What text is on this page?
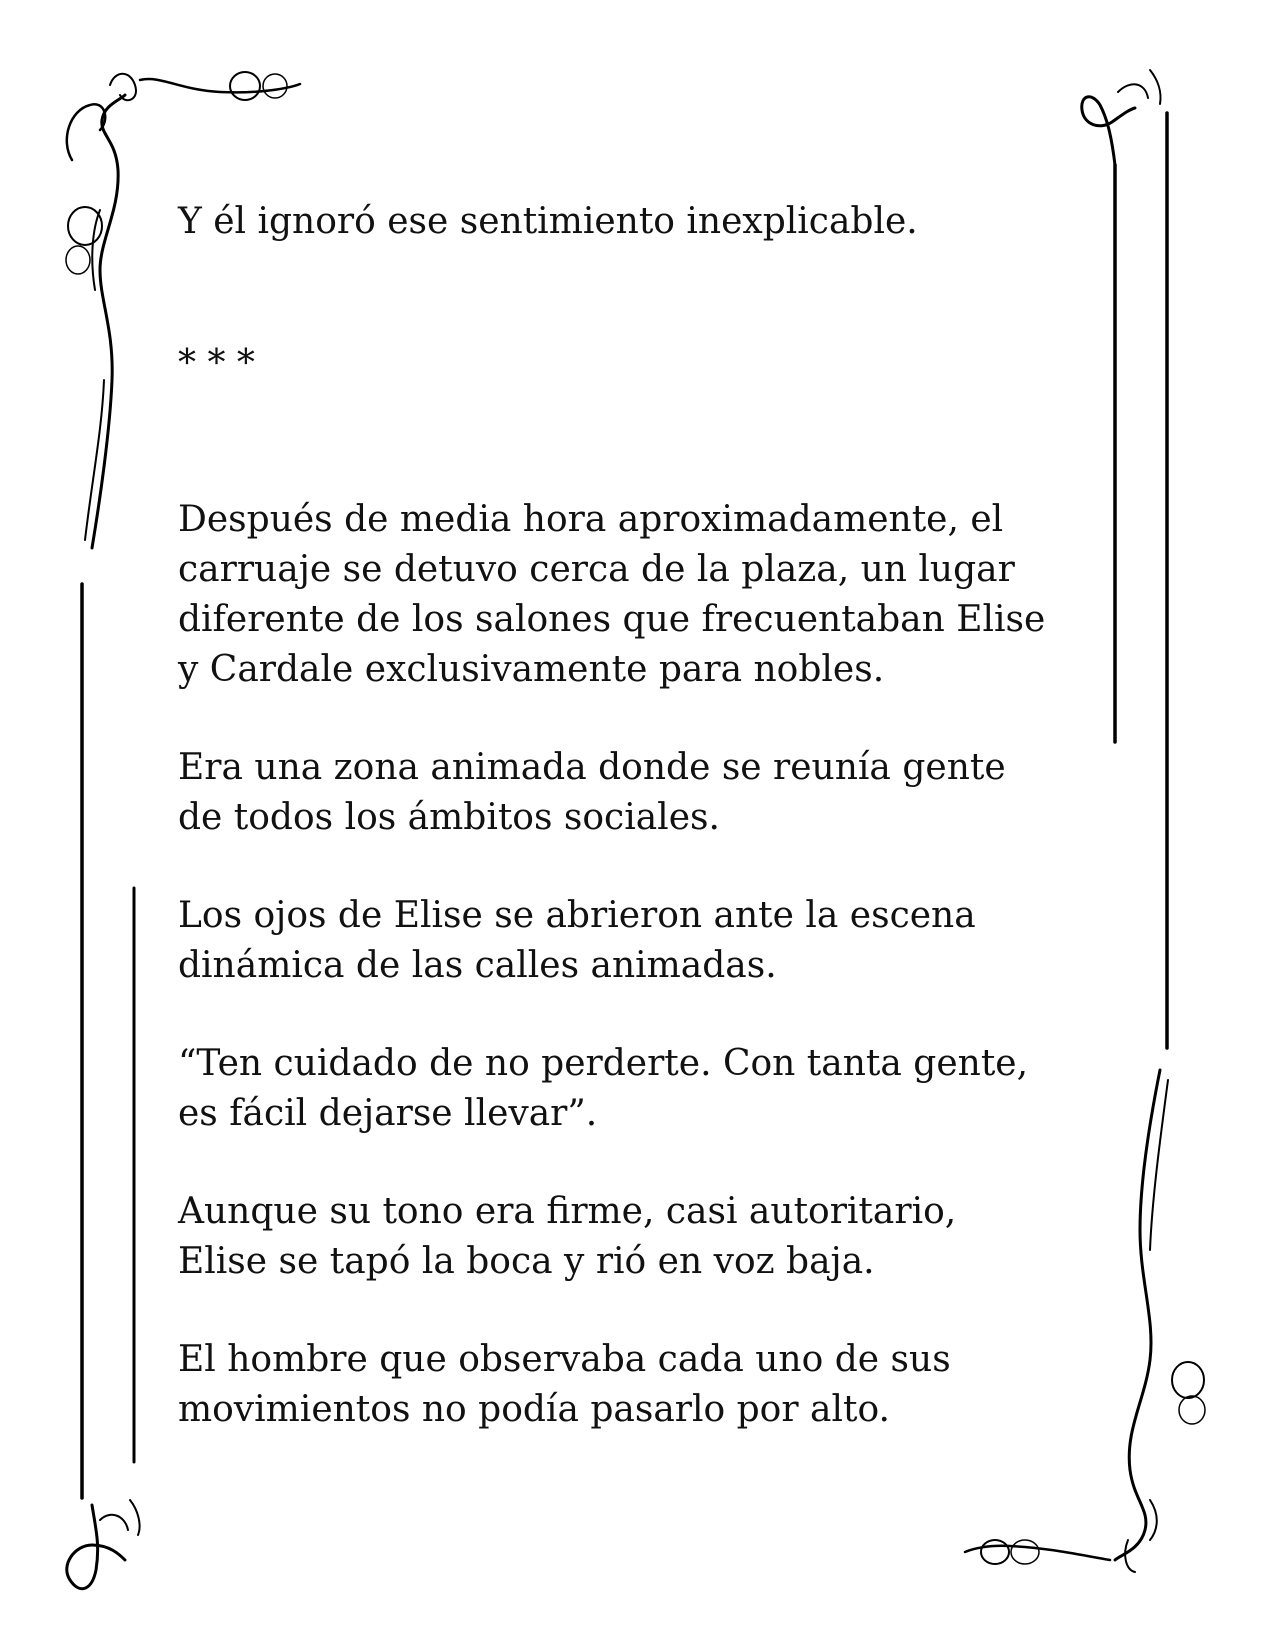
Y él ignoró ese sentimiento inexplicable.

* * *

Después de media hora aproximadamente, el

carruaje se detuvo cerca de la plaza, un lugar

diferente de los salones que frecuentaban Elise

y Cardale exclusivamente para nobles.

Era una zona animada donde se reunía gente

de todos los ámbitos sociales.

Los ojos de Elise se abrieron ante la escena

dinámica de las calles animadas.

“Ten cuidado de no perderte. Con tanta gente,

es fácil dejarse llevar”.

Aunque su tono era firme, casi autoritario,

Elise se tapó la boca y rió en voz baja.

El hombre que observaba cada uno de sus

movimientos no podía pasarlo por alto.
